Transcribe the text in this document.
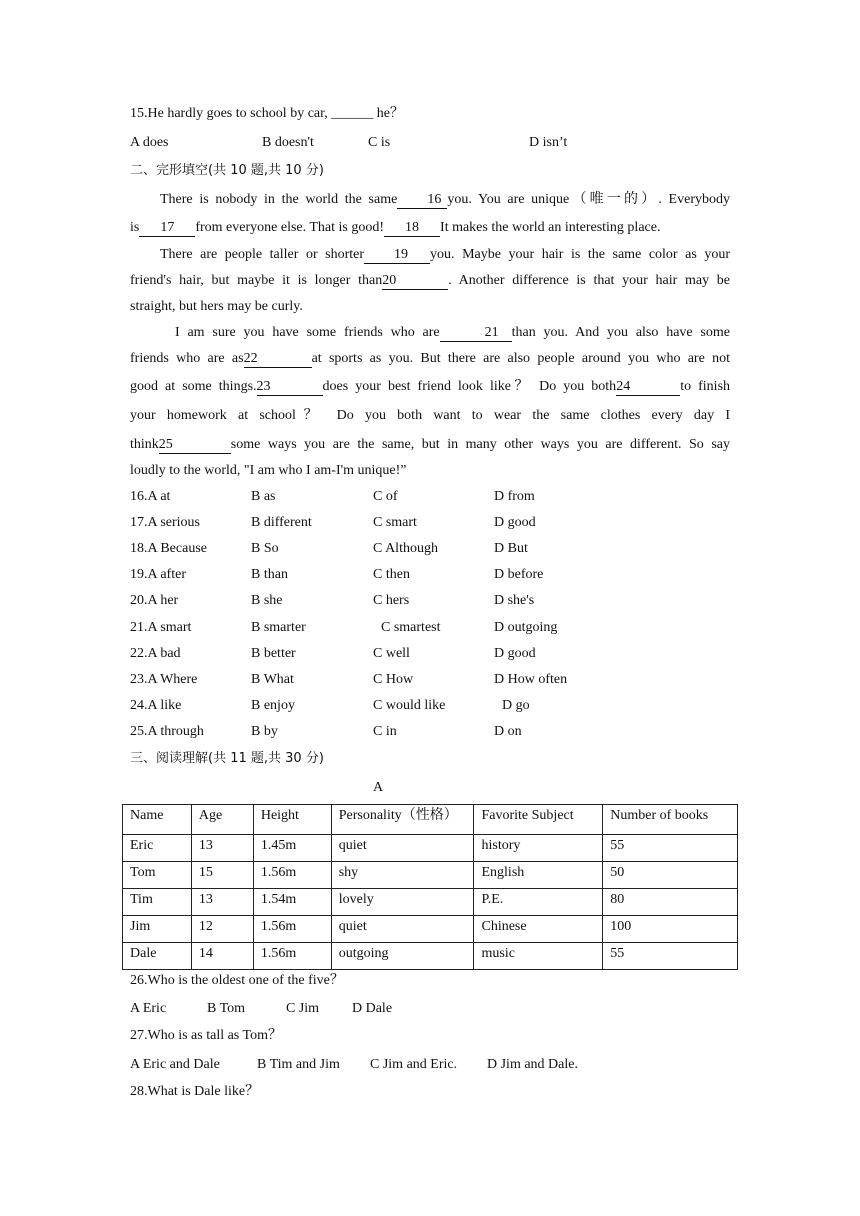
15.He hardly goes to school by car, ______ he？
A does	B doesn't	C is	D isn’t
二、完形填空(共 10 题,共 10 分)
There is nobody in the world the same 16 you. You are unique（唯一的）. Everybody
is 17 from everyone else. That is good! 18 It makes the world an interesting place.
There are people taller or shorter 19 you. Maybe your hair is the same color as your
friend's hair, but maybe it is longer than20	. Another difference is that your hair may be
straight, but hers may be curly.
I am sure you have some friends who are	21 than you. And you also have some
friends who are as22	at sports as you. But there are also people around you who are not
good at some things.23	does your best friend look like？ Do you both24	to finish
your homework at school？ Do you both want to wear the same clothes every day I
think25	some ways you are the same, but in many other ways you are different. So say
loudly to the world, "I am who I am-I'm unique!”
16.A at	B as	C of	D from
17.A serious	B different	C smart	D good
18.A Because	B So	C Although	D But
19.A after	B than	C then	D before
20.A her	B she	C hers	D she's
21.A smart	B smarter	C smartest	D outgoing
22.A bad	B better	C well	D good
23.A Where	B What	C How	D How often
24.A like	B enjoy	C would like	D go
25.A through	B by	C in	D on
三、阅读理解(共 11 题,共 30 分)
A
Name	Age	Height	Personality（性格）	Favorite Subject	Number of books
Eric	13	1.45m	quiet	history	55
Tom	15	1.56m	shy	English	50
Tim	13	1.54m	lovely	P.E.	80
Jim	12	1.56m	quiet	Chinese	100
Dale	14	1.56m	outgoing	music	55
26.Who is the oldest one of the five？
A Eric	B Tom	C Jim D Dale
27.Who is as tall as Tom？
A Eric and Dale	B Tim and Jim C Jim and Eric. D Jim and Dale.
28.What is Dale like？
